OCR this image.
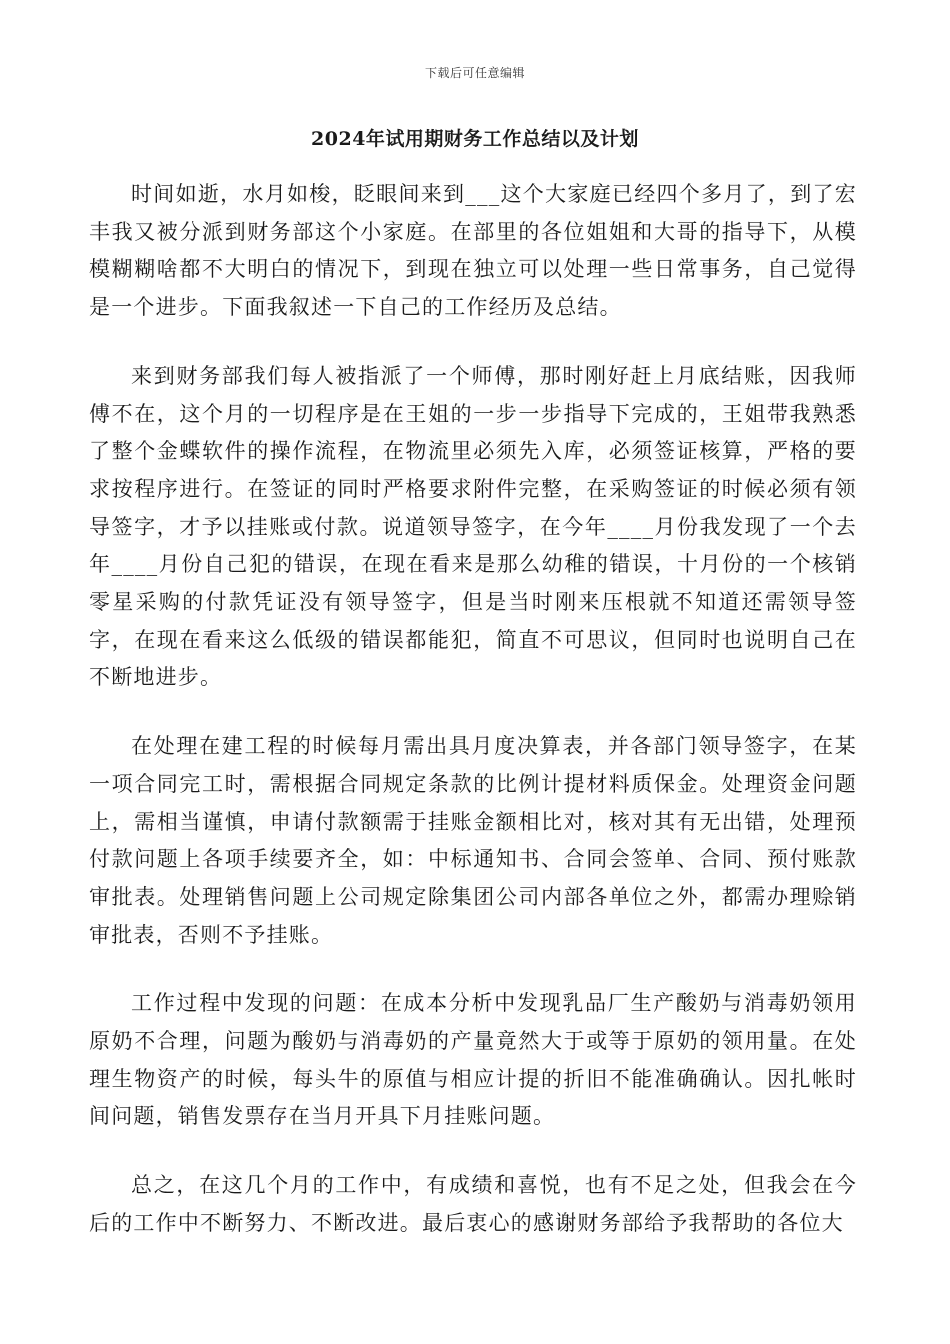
下载后可任意编辑
2024年试用期财务工作总结以及计划

时间如逝，水月如梭，眨眼间来到___这个大家庭已经四个多月了，到了宏丰我又被分派到财务部这个小家庭。在部里的各位姐姐和大哥的指导下，从模模糊糊啥都不大明白的情况下，到现在独立可以处理一些日常事务，自己觉得是一个进步。下面我叙述一下自己的工作经历及总结。

来到财务部我们每人被指派了一个师傅，那时刚好赶上月底结账，因我师傅不在，这个月的一切程序是在王姐的一步一步指导下完成的，王姐带我熟悉了整个金蝶软件的操作流程，在物流里必须先入库，必须签证核算，严格的要求按程序进行。在签证的同时严格要求附件完整，在采购签证的时候必须有领导签字，才予以挂账或付款。说道领导签字，在今年____月份我发现了一个去年____月份自己犯的错误，在现在看来是那么幼稚的错误，十月份的一个核销零星采购的付款凭证没有领导签字，但是当时刚来压根就不知道还需领导签字，在现在看来这么低级的错误都能犯，简直不可思议，但同时也说明自己在不断地进步。

在处理在建工程的时候每月需出具月度决算表，并各部门领导签字，在某一项合同完工时，需根据合同规定条款的比例计提材料质保金。处理资金问题上，需相当谨慎，申请付款额需于挂账金额相比对，核对其有无出错，处理预付款问题上各项手续要齐全，如：中标通知书、合同会签单、合同、预付账款审批表。处理销售问题上公司规定除集团公司内部各单位之外，都需办理赊销审批表，否则不予挂账。

工作过程中发现的问题：在成本分析中发现乳品厂生产酸奶与消毒奶领用原奶不合理，问题为酸奶与消毒奶的产量竟然大于或等于原奶的领用量。在处理生物资产的时候，每头牛的原值与相应计提的折旧不能准确确认。因扎帐时间问题，销售发票存在当月开具下月挂账问题。

总之，在这几个月的工作中，有成绩和喜悦，也有不足之处，但我会在今后的工作中不断努力、不断改进。最后衷心的感谢财务部给予我帮助的各位大
